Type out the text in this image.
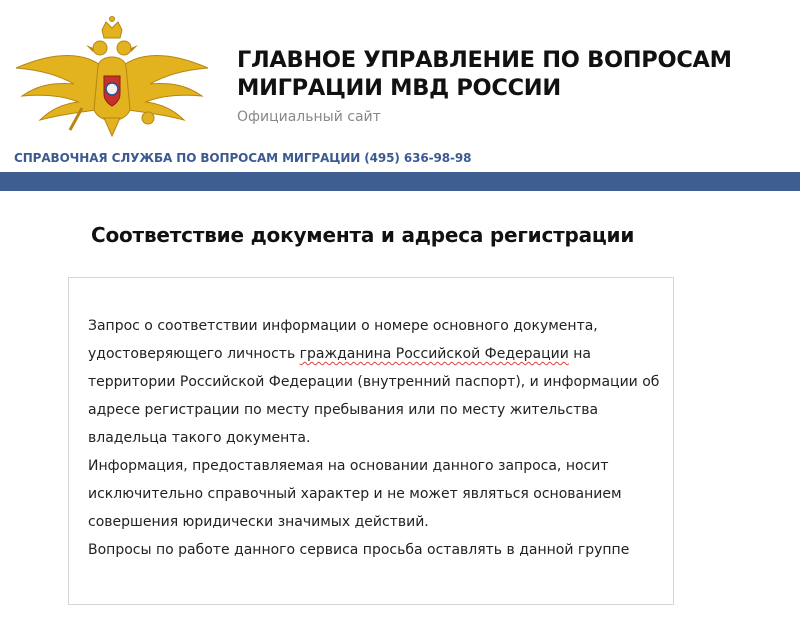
ГЛАВНОЕ УПРАВЛЕНИЕ ПО ВОПРОСАМ
МИГРАЦИИ МВД РОССИИ
Официальный сайт
СПРАВОЧНАЯ СЛУЖБА ПО ВОПРОСАМ МИГРАЦИИ (495) 636-98-98
Соответствие документа и адреса регистрации

Запрос о соответствии информации о номере основного документа, удостоверяющего личность гражданина Российской Федерации на территории Российской Федерации (внутренний паспорт), и информации об адресе регистрации по месту пребывания или по месту жительства владельца такого документа.

Информация, предоставляемая на основании данного запроса, носит исключительно справочный характер и не может являться основанием совершения юридически значимых действий.

Вопросы по работе данного сервиса просьба оставлять в данной группе
